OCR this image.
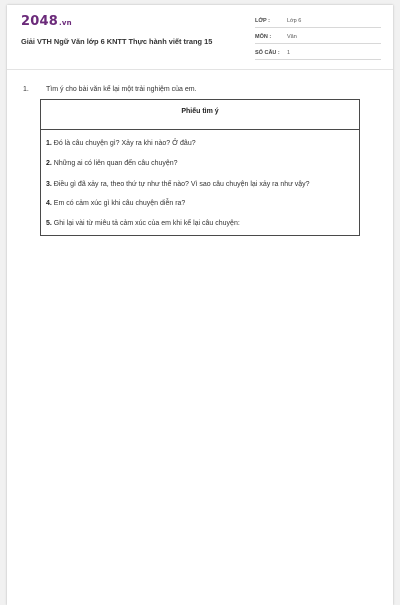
2048.vn
Giải VTH Ngữ Văn lớp 6 KNTT Thực hành viết trang 15
LỚP :	Lớp 6
MÔN :	Văn
SỐ CÂU : 1
1. Tìm ý cho bài văn kể lại một trải nghiệm của em.
Phiếu tìm ý
1. Đó là câu chuyện gì? Xảy ra khi nào? Ở đâu?
2. Những ai có liên quan đến câu chuyện?
3. Điều gì đã xảy ra, theo thứ tự như thế nào? Vì sao câu chuyện lại xảy ra như vậy?
4. Em có cảm xúc gì khi câu chuyện diễn ra?
5. Ghi lại vài từ miêu tả cảm xúc của em khi kể lại câu chuyện:
